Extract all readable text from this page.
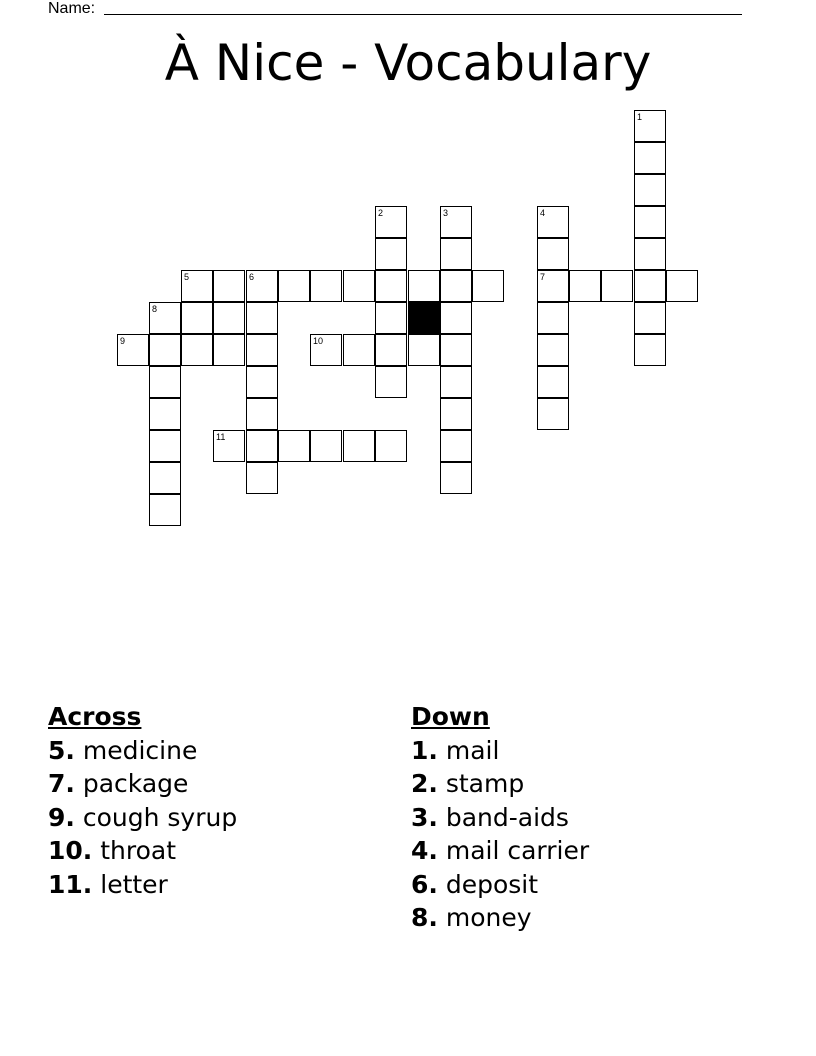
Name:
À Nice - Vocabulary
1
2	3	4
5	6	7
8
9	10
11
Across
5. medicine
7. package
9. cough syrup
10. throat
11. letter
Down
1. mail
2. stamp
3. band-aids
4. mail carrier
6. deposit
8. money
